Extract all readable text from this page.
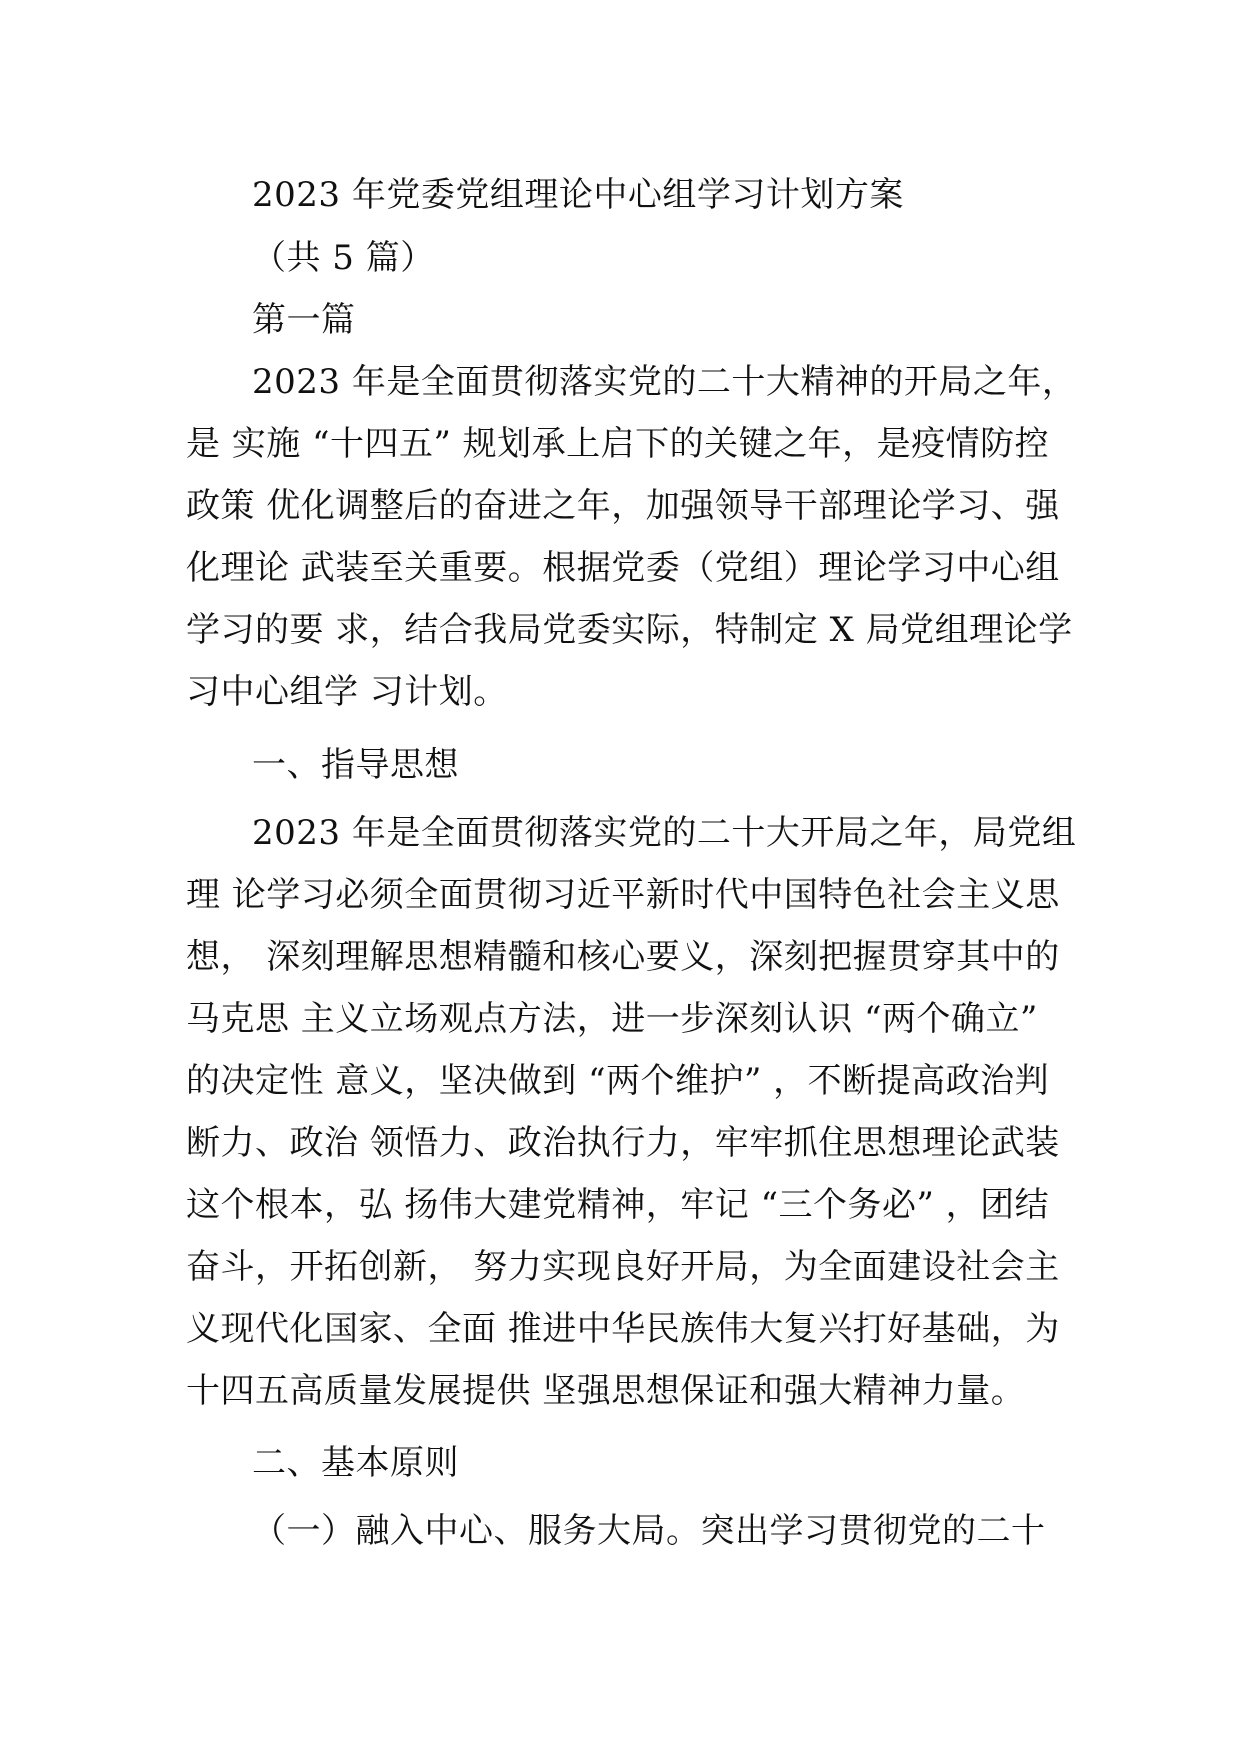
2023 年党委党组理论中心组学习计划方案
（共 5 篇）
第一篇
2023 年是全面贯彻落实党的二十大精神的开局之年，
是 实施 “十四五” 规划承上启下的关键之年，是疫情防控
政策 优化调整后的奋进之年，加强领导干部理论学习、强
化理论 武装至关重要。根据党委（党组）理论学习中心组
学习的要 求，结合我局党委实际，特制定 X 局党组理论学
习中心组学 习计划。
一、指导思想
2023 年是全面贯彻落实党的二十大开局之年，局党组
理 论学习必须全面贯彻习近平新时代中国特色社会主义思
想， 深刻理解思想精髓和核心要义，深刻把握贯穿其中的
马克思 主义立场观点方法，进一步深刻认识 “两个确立”
的决定性 意义，坚决做到 “两个维护” ，不断提高政治判
断力、政治 领悟力、政治执行力，牢牢抓住思想理论武装
这个根本，弘 扬伟大建党精神，牢记 “三个务必” ，团结
奋斗，开拓创新， 努力实现良好开局，为全面建设社会主
义现代化国家、全面 推进中华民族伟大复兴打好基础，为
十四五高质量发展提供 坚强思想保证和强大精神力量。
二、基本原则
（一）融入中心、服务大局。突出学习贯彻党的二十
